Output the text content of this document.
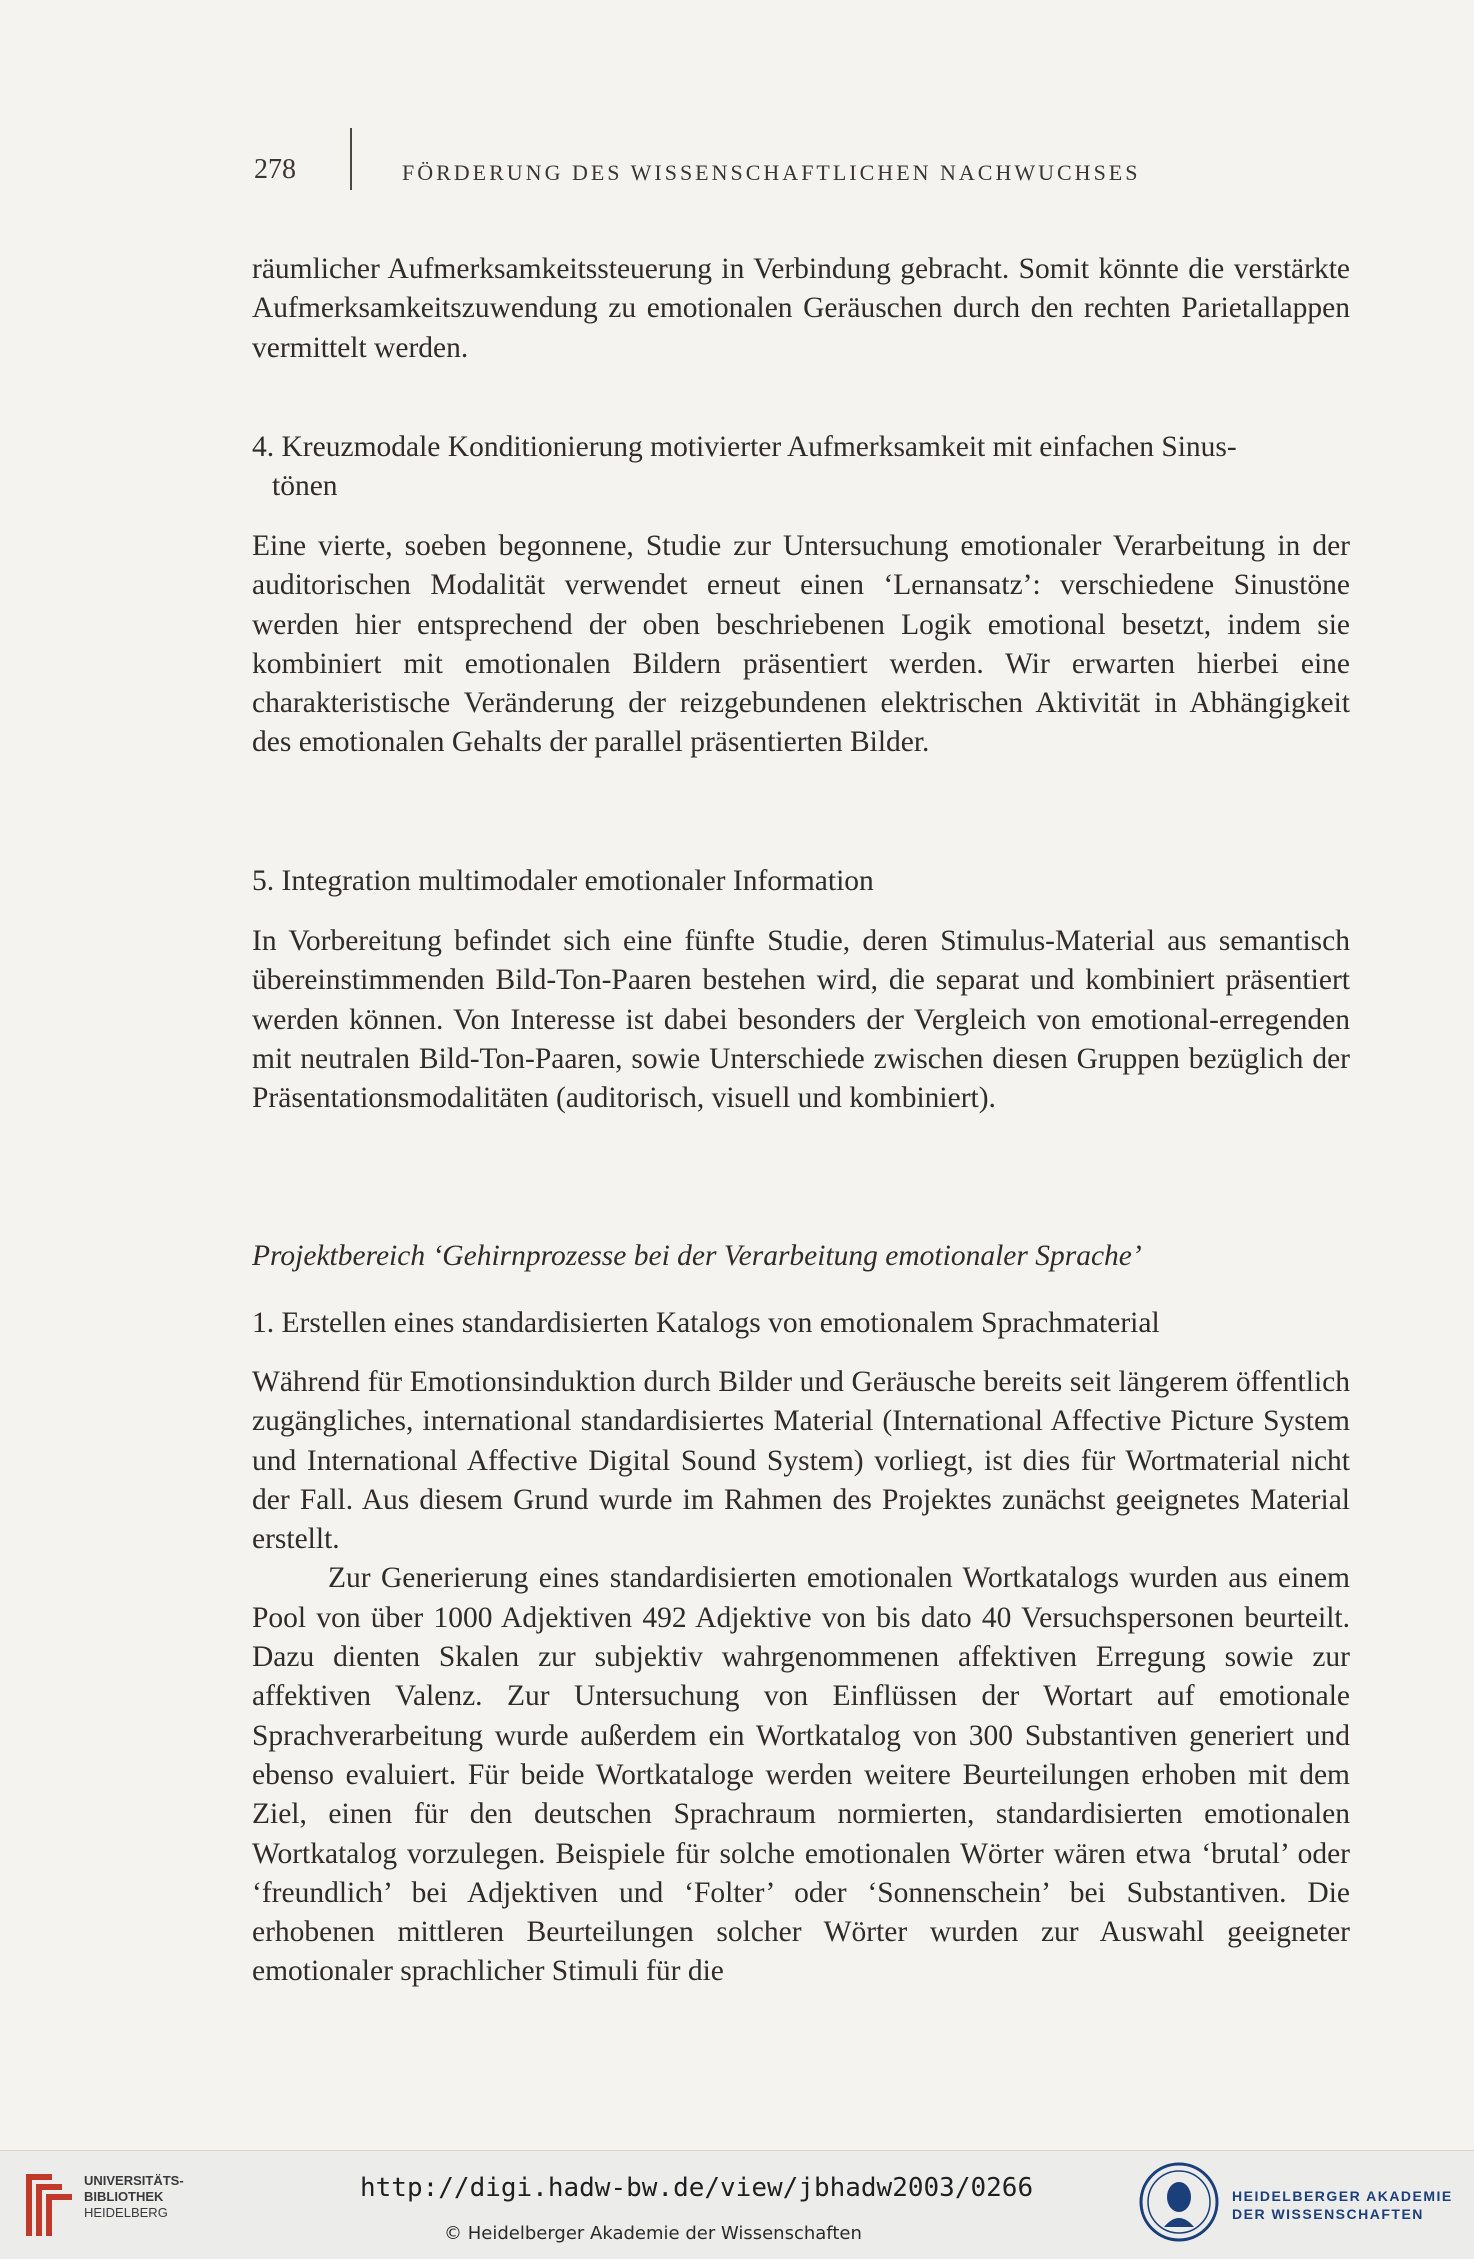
278	FÖRDERUNG DES WISSENSCHAFTLICHEN NACHWUCHSES

räumlicher Aufmerksamkeitssteuerung in Verbindung gebracht. Somit könnte die verstärkte Aufmerksamkeitszuwendung zu emotionalen Geräuschen durch den rechten Parietallappen vermittelt werden.

4. Kreuzmodale Konditionierung motivierter Aufmerksamkeit mit einfachen Sinus-
tönen

Eine vierte, soeben begonnene, Studie zur Untersuchung emotionaler Verarbeitung in der auditorischen Modalität verwendet erneut einen ‘Lernansatz’: verschiedene Sinustöne werden hier entsprechend der oben beschriebenen Logik emotional besetzt, indem sie kombiniert mit emotionalen Bildern präsentiert werden. Wir erwarten hierbei eine charakteristische Veränderung der reizgebundenen elektrischen Aktivität in Abhängigkeit des emotionalen Gehalts der parallel präsentierten Bilder.

5. Integration multimodaler emotionaler Information

In Vorbereitung befindet sich eine fünfte Studie, deren Stimulus-Material aus semantisch übereinstimmenden Bild-Ton-Paaren bestehen wird, die separat und kombiniert präsentiert werden können. Von Interesse ist dabei besonders der Vergleich von emotional-erregenden mit neutralen Bild-Ton-Paaren, sowie Unterschiede zwischen diesen Gruppen bezüglich der Präsentationsmodalitäten (auditorisch, visuell und kombiniert).

Projektbereich ‘Gehirnprozesse bei der Verarbeitung emotionaler Sprache’
1. Erstellen eines standardisierten Katalogs von emotionalem Sprachmaterial

Während für Emotionsinduktion durch Bilder und Geräusche bereits seit längerem öffentlich zugängliches, international standardisiertes Material (International Affective Picture System und International Affective Digital Sound System) vorliegt, ist dies für Wortmaterial nicht der Fall. Aus diesem Grund wurde im Rahmen des Projektes zunächst geeignetes Material erstellt.

Zur Generierung eines standardisierten emotionalen Wortkatalogs wurden aus einem Pool von über 1000 Adjektiven 492 Adjektive von bis dato 40 Versuchspersonen beurteilt. Dazu dienten Skalen zur subjektiv wahrgenommenen affektiven Erregung sowie zur affektiven Valenz. Zur Untersuchung von Einflüssen der Wortart auf emotionale Sprachverarbeitung wurde außerdem ein Wortkatalog von 300 Substantiven generiert und ebenso evaluiert. Für beide Wortkataloge werden weitere Beurteilungen erhoben mit dem Ziel, einen für den deutschen Sprachraum normierten, standardisierten emotionalen Wortkatalog vorzulegen. Beispiele für solche emotionalen Wörter wären etwa ‘brutal’ oder ‘freundlich’ bei Adjektiven und ‘Folter’ oder ‘Sonnenschein’ bei Substantiven. Die erhobenen mittleren Beurteilungen solcher Wörter wurden zur Auswahl geeigneter emotionaler sprachlicher Stimuli für die

UNIVERSITÄTS-
BIBLIOTHEK
HEIDELBERG
http://digi.hadw-bw.de/view/jbhadw2003/0266
© Heidelberger Akademie der Wissenschaften
HEIDELBERGER AKADEMIE
DER WISSENSCHAFTEN
